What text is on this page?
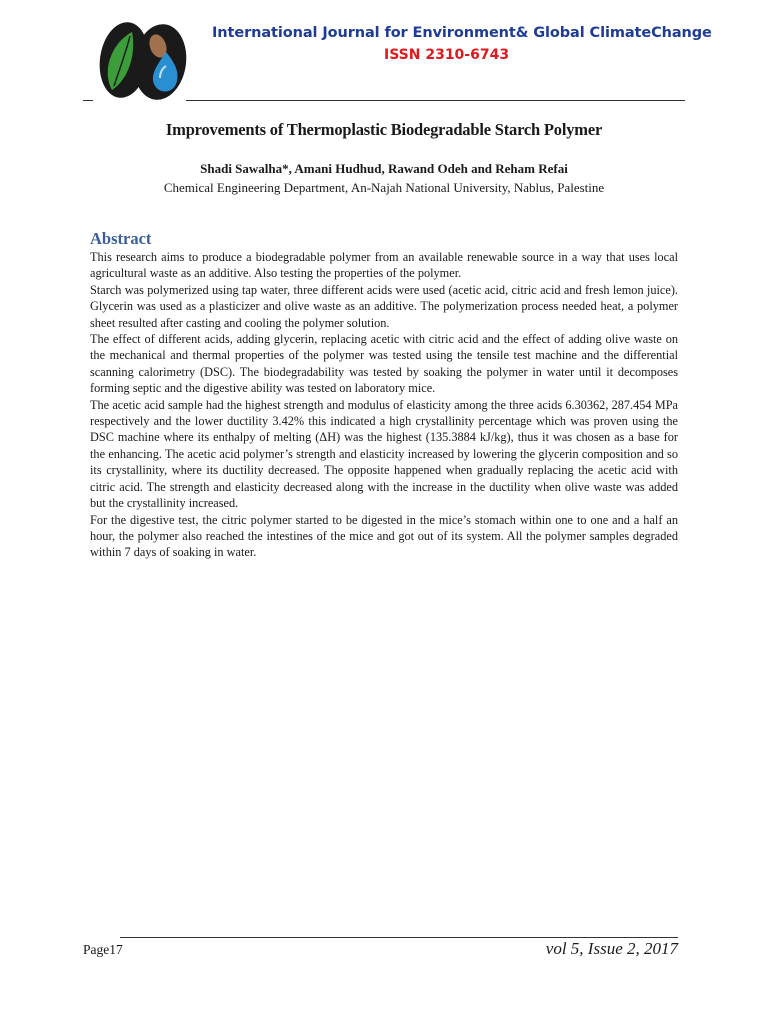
International Journal for Environment& Global ClimateChange
ISSN 2310-6743
Improvements of Thermoplastic Biodegradable Starch Polymer
Shadi Sawalha*, Amani Hudhud, Rawand Odeh and Reham Refai
Chemical Engineering Department, An-Najah National University, Nablus, Palestine
Abstract

This research aims to produce a biodegradable polymer from an available renewable source in a way that uses local agricultural waste as an additive. Also testing the properties of the polymer.

Starch was polymerized using tap water, three different acids were used (acetic acid, citric acid and fresh lemon juice). Glycerin was used as a plasticizer and olive waste as an additive. The polymerization process needed heat, a polymer sheet resulted after casting and cooling the polymer solution.

The effect of different acids, adding glycerin, replacing acetic with citric acid and the effect of adding olive waste on the mechanical and thermal properties of the polymer was tested using the tensile test machine and the differential scanning calorimetry (DSC). The biodegradability was tested by soaking the polymer in water until it decomposes forming septic and the digestive ability was tested on laboratory mice.

The acetic acid sample had the highest strength and modulus of elasticity among the three acids 6.30362, 287.454 MPa respectively and the lower ductility 3.42% this indicated a high crystallinity percentage which was proven using the DSC machine where its enthalpy of melting (ΔH) was the highest (135.3884 kJ/kg), thus it was chosen as a base for the enhancing. The acetic acid polymer’s strength and elasticity increased by lowering the glycerin composition and so its crystallinity, where its ductility decreased. The opposite happened when gradually replacing the acetic acid with citric acid. The strength and elasticity decreased along with the increase in the ductility when olive waste was added but the crystallinity increased.

For the digestive test, the citric polymer started to be digested in the mice’s stomach within one to one and a half an hour, the polymer also reached the intestines of the mice and got out of its system. All the polymer samples degraded within 7 days of soaking in water.

Page17	vol 5, Issue 2, 2017
